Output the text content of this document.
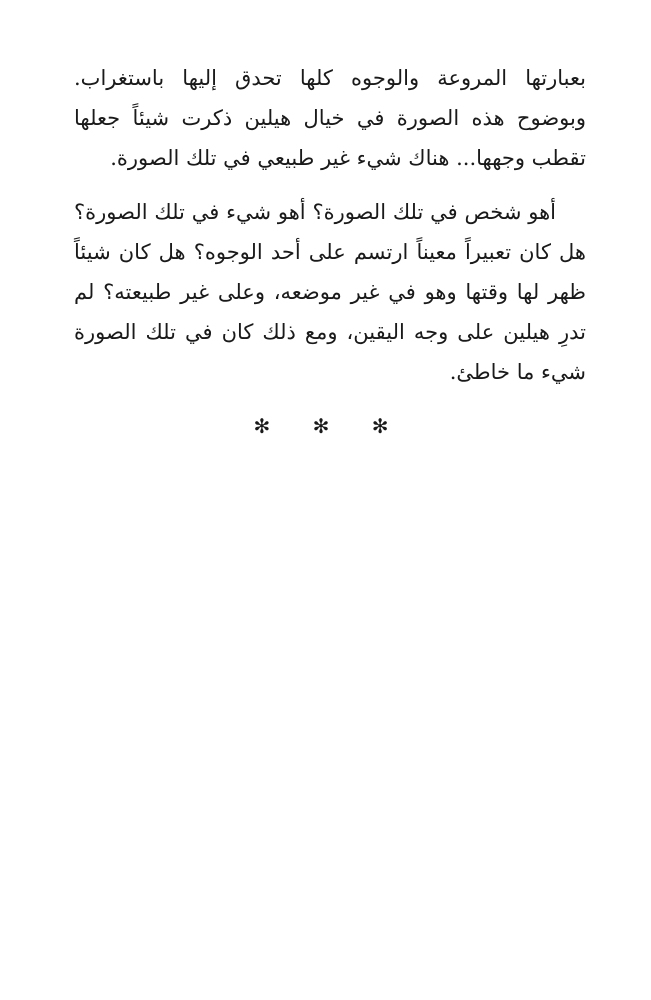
بعبارتها المروعة والوجوه كلها تحدق إليها باستغراب. وبوضوح هذه الصورة في خيال هيلين ذكرت شيئاً جعلها تقطب وجهها... هناك شيء غير طبيعي في تلك الصورة.

أهو شخص في تلك الصورة؟ أهو شيء في تلك الصورة؟ هل كان تعبيراً معيناً ارتسم على أحد الوجوه؟ هل كان شيئاً ظهر لها وقتها وهو في غير موضعه، وعلى غير طبيعته؟ لم تدرِ هيلين على وجه اليقين، ومع ذلك كان في تلك الصورة شيء ما خاطئ.

✻ ✻ ✻
